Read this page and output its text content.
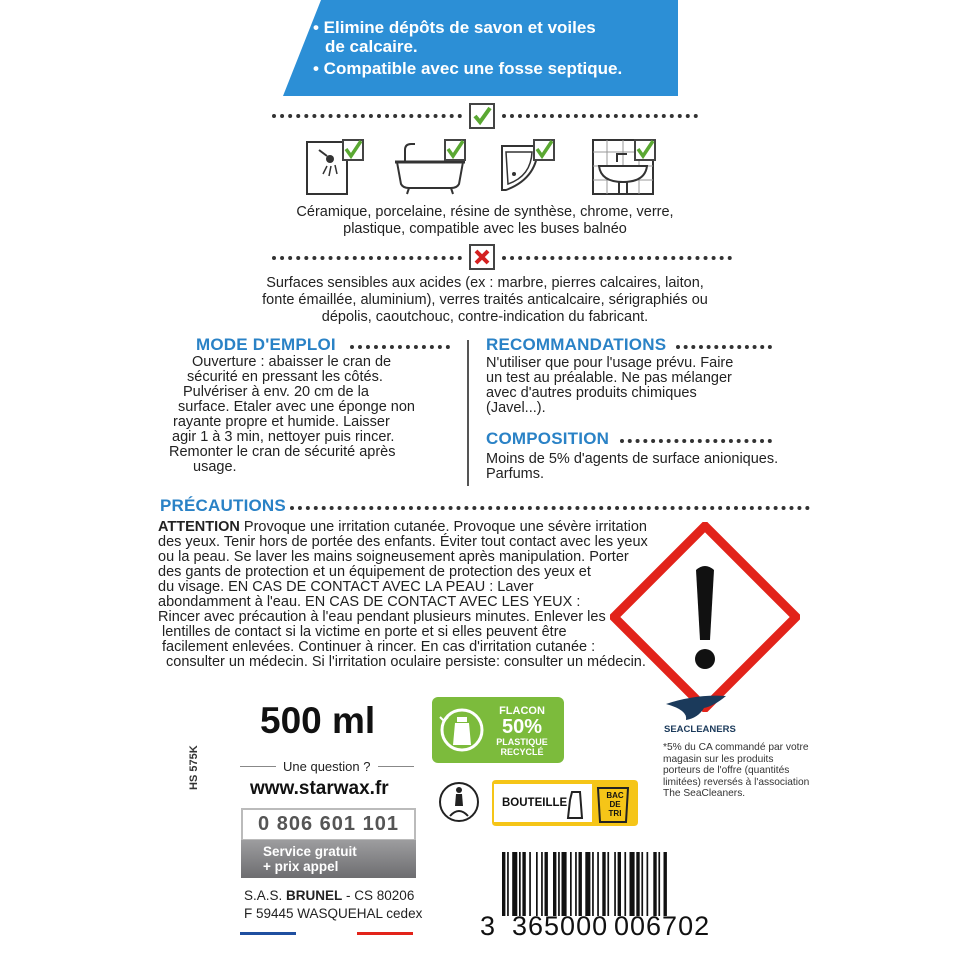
• Elimine dépôts de savon et voiles
de calcaire.
• Compatible avec une fosse septique.
Céramique, porcelaine, résine de synthèse, chrome, verre,
plastique, compatible avec les buses balnéo
Surfaces sensibles aux acides (ex : marbre, pierres calcaires, laiton,
fonte émaillée, aluminium), verres traités anticalcaire, sérigraphiés ou
dépolis, caoutchouc, contre-indication du fabricant.
MODE D'EMPLOI
Ouverture : abaisser le cran de
sécurité en pressant les côtés.
Pulvériser à env. 20 cm de la
surface. Etaler avec une éponge non
rayante propre et humide. Laisser
agir 1 à 3 min, nettoyer puis rincer.
Remonter le cran de sécurité après
usage.
RECOMMANDATIONS
N'utiliser que pour l'usage prévu. Faire
un test au préalable. Ne pas mélanger
avec d'autres produits chimiques
(Javel...).
COMPOSITION
Moins de 5% d'agents de surface anioniques.
Parfums.
PRÉCAUTIONS
ATTENTION Provoque une irritation cutanée. Provoque une sévère irritation
des yeux. Tenir hors de portée des enfants. Éviter tout contact avec les yeux
ou la peau. Se laver les mains soigneusement après manipulation. Porter
des gants de protection et un équipement de protection des yeux et
du visage. EN CAS DE CONTACT AVEC LA PEAU : Laver
abondamment à l'eau. EN CAS DE CONTACT AVEC LES YEUX :
Rincer avec précaution à l'eau pendant plusieurs minutes. Enlever les
lentilles de contact si la victime en porte et si elles peuvent être
facilement enlevées. Continuer à rincer. En cas d'irritation cutanée :
consulter un médecin. Si l'irritation oculaire persiste: consulter un médecin.
500 ml
Une question ?
www.starwax.fr
0 806 601 101
Service gratuit
+ prix appel
S.A.S. BRUNEL - CS 80206
F 59445 WASQUEHAL cedex
HS 575K
FLACON
50%
PLASTIQUE
RECYCLÉ
BOUTEILLE
BAC DE TRI
SEACLEANERS
*5% du CA commandé par votre magasin sur les produits porteurs de l'offre (quantités limitées) reversés à l'association The SeaCleaners.
3 365000 006702
